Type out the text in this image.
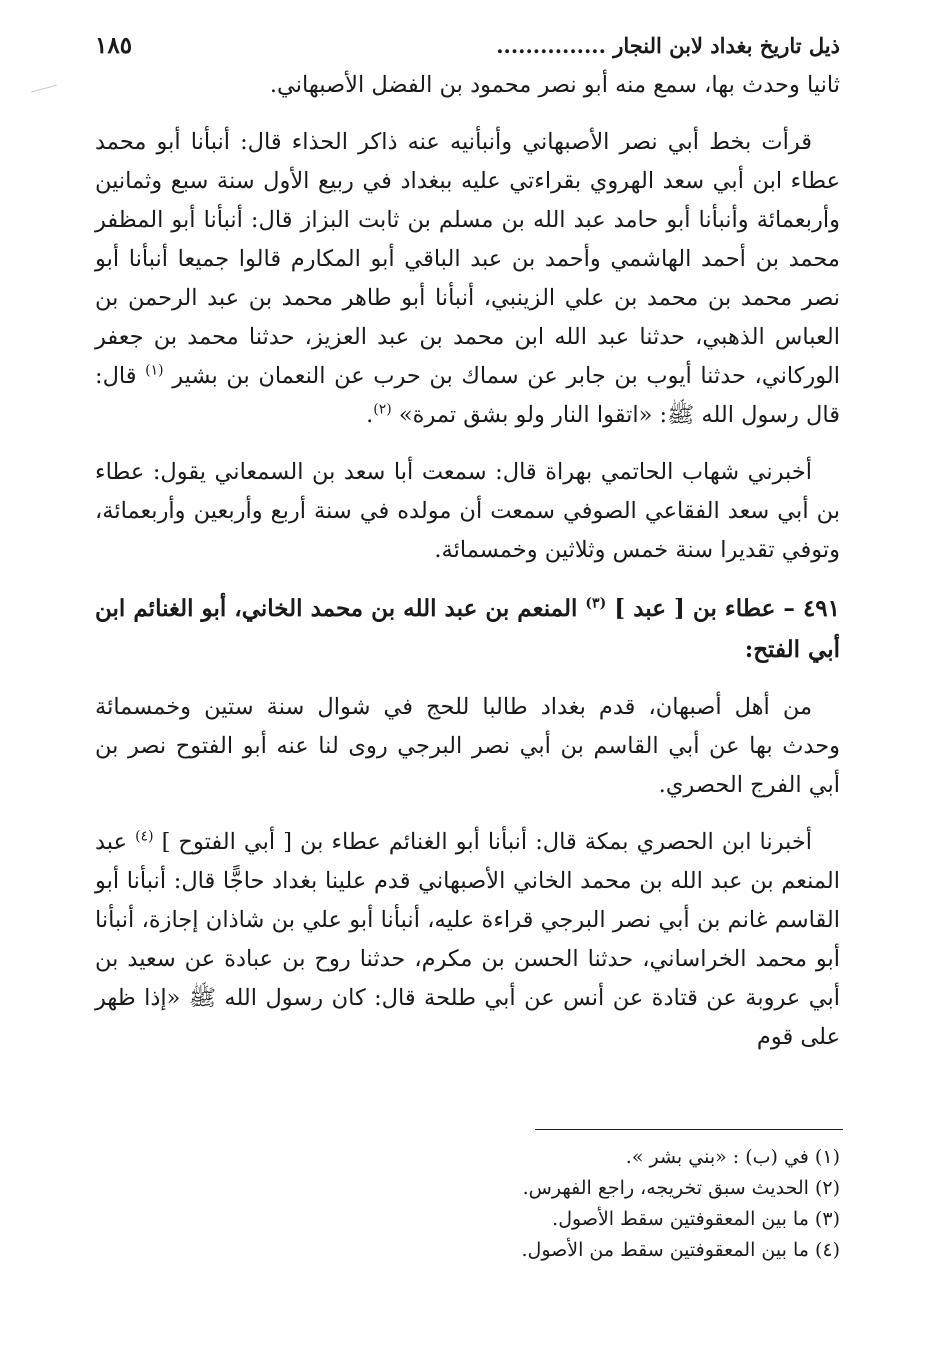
ذيل تاريخ بغداد لابن النجار ...............
١٨٥

ثانيا وحدث بها، سمع منه أبو نصر محمود بن الفضل الأصبهاني.

قرأت بخط أبي نصر الأصبهاني وأنبأنيه عنه ذاكر الحذاء قال: أنبأنا أبو محمد عطاء ابن أبي سعد الهروي بقراءتي عليه ببغداد في ربيع الأول سنة سبع وثمانين وأربعمائة وأنبأنا أبو حامد عبد الله بن مسلم بن ثابت البزاز قال: أنبأنا أبو المظفر محمد بن أحمد الهاشمي وأحمد بن عبد الباقي أبو المكارم قالوا جميعا أنبأنا أبو نصر محمد بن محمد بن علي الزينبي، أنبأنا أبو طاهر محمد بن عبد الرحمن بن العباس الذهبي، حدثنا عبد الله ابن محمد بن عبد العزيز، حدثنا محمد بن جعفر الوركاني، حدثنا أيوب بن جابر عن سماك بن حرب عن النعمان بن بشير $^{(١)}$ قال: قال رسول الله ﷺ: «اتقوا النار ولو بشق تمرة» $^{(٢)}$.

أخبرني شهاب الحاتمي بهراة قال: سمعت أبا سعد بن السمعاني يقول: عطاء بن أبي سعد الفقاعي الصوفي سمعت أن مولده في سنة أربع وأربعين وأربعمائة، وتوفي تقديرا سنة خمس وثلاثين وخمسمائة.

٤٩١ – عطاء بن [ عبد ] $^{(٣)}$ المنعم بن عبد الله بن محمد الخاني، أبو الغنائم ابن أبي الفتح:

من أهل أصبهان، قدم بغداد طالبا للحج في شوال سنة ستين وخمسمائة وحدث بها عن أبي القاسم بن أبي نصر البرجي روى لنا عنه أبو الفتوح نصر بن أبي الفرج الحصري.

أخبرنا ابن الحصري بمكة قال: أنبأنا أبو الغنائم عطاء بن [ أبي الفتوح ] $^{(٤)}$ عبد المنعم بن عبد الله بن محمد الخاني الأصبهاني قدم علينا بغداد حاجًّا قال: أنبأنا أبو القاسم غانم بن أبي نصر البرجي قراءة عليه، أنبأنا أبو علي بن شاذان إجازة، أنبأنا أبو محمد الخراساني، حدثنا الحسن بن مكرم، حدثنا روح بن عبادة عن سعيد بن أبي عروبة عن قتادة عن أنس عن أبي طلحة قال: كان رسول الله ﷺ «إذا ظهر على قوم

(١) في (ب) : «بني بشر ».
(٢) الحديث سبق تخريجه، راجع الفهرس.
(٣) ما بين المعقوفتين سقط الأصول.
(٤) ما بين المعقوفتين سقط من الأصول.
